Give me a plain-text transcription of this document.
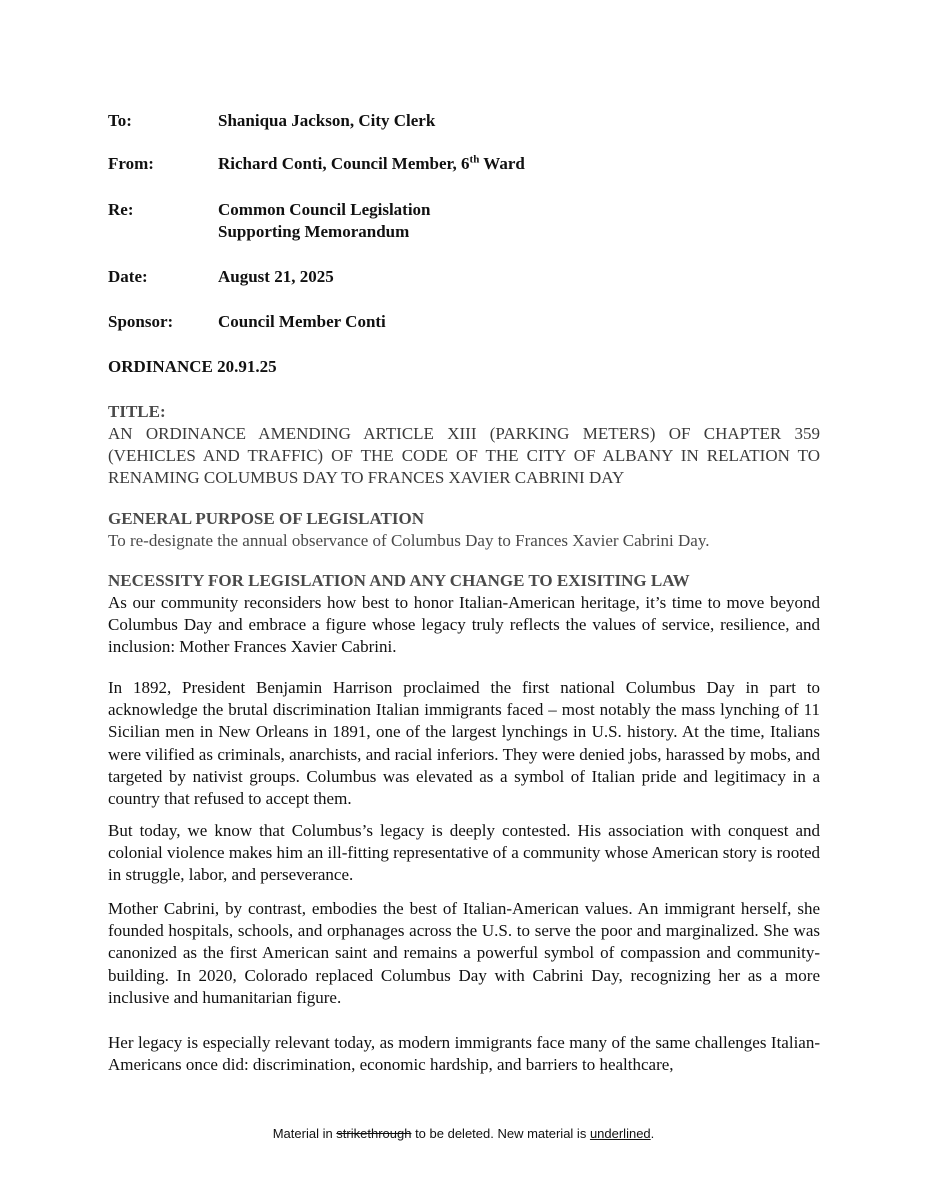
To:	Shaniqua Jackson, City Clerk
From:	Richard Conti, Council Member, 6th Ward
Re:	Common Council Legislation
Supporting Memorandum
Date:	August 21, 2025
Sponsor:	Council Member Conti
ORDINANCE 20.91.25
TITLE:
AN ORDINANCE AMENDING ARTICLE XIII (PARKING METERS) OF CHAPTER 359 (VEHICLES AND TRAFFIC) OF THE CODE OF THE CITY OF ALBANY IN RELATION TO RENAMING COLUMBUS DAY TO FRANCES XAVIER CABRINI DAY
GENERAL PURPOSE OF LEGISLATION
To re-designate the annual observance of Columbus Day to Frances Xavier Cabrini Day.
NECESSITY FOR LEGISLATION AND ANY CHANGE TO EXISITING LAW
As our community reconsiders how best to honor Italian-American heritage, it’s time to move beyond Columbus Day and embrace a figure whose legacy truly reflects the values of service, resilience, and inclusion: Mother Frances Xavier Cabrini.
In 1892, President Benjamin Harrison proclaimed the first national Columbus Day in part to acknowledge the brutal discrimination Italian immigrants faced – most notably the mass lynching of 11 Sicilian men in New Orleans in 1891, one of the largest lynchings in U.S. history. At the time, Italians were vilified as criminals, anarchists, and racial inferiors. They were denied jobs, harassed by mobs, and targeted by nativist groups. Columbus was elevated as a symbol of Italian pride and legitimacy in a country that refused to accept them.
But today, we know that Columbus’s legacy is deeply contested. His association with conquest and colonial violence makes him an ill-fitting representative of a community whose American story is rooted in struggle, labor, and perseverance.
Mother Cabrini, by contrast, embodies the best of Italian-American values. An immigrant herself, she founded hospitals, schools, and orphanages across the U.S. to serve the poor and marginalized. She was canonized as the first American saint and remains a powerful symbol of compassion and community-building. In 2020, Colorado replaced Columbus Day with Cabrini Day, recognizing her as a more inclusive and humanitarian figure.
Her legacy is especially relevant today, as modern immigrants face many of the same challenges Italian-Americans once did: discrimination, economic hardship, and barriers to healthcare,
Material in strikethrough to be deleted. New material is underlined.
